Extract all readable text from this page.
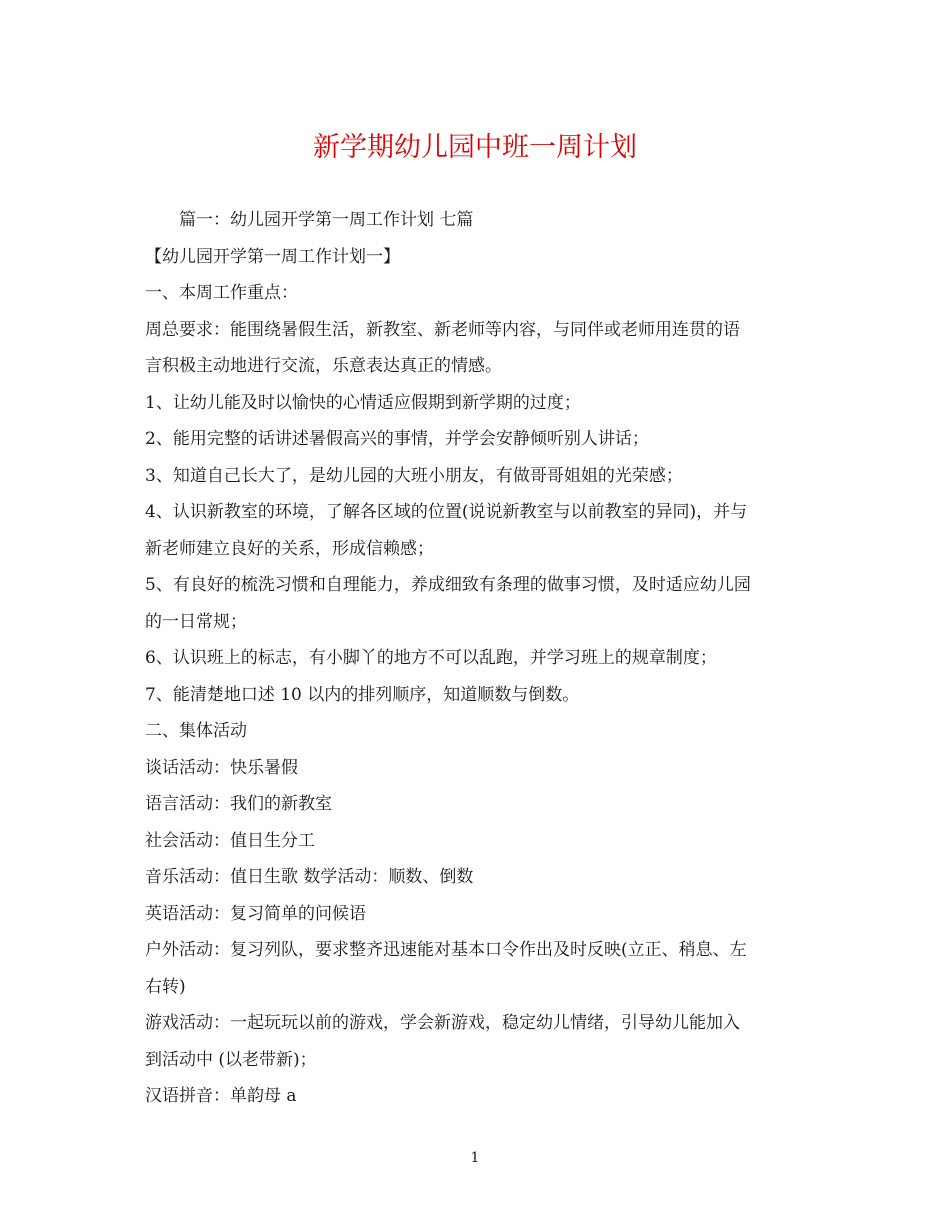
新学期幼儿园中班一周计划
篇一：幼儿园开学第一周工作计划 七篇
【幼儿园开学第一周工作计划一】
一、本周工作重点：
周总要求：能围绕暑假生活，新教室、新老师等内容，与同伴或老师用连贯的语
言积极主动地进行交流，乐意表达真正的情感。
1、让幼儿能及时以愉快的心情适应假期到新学期的过度；
2、能用完整的话讲述暑假高兴的事情，并学会安静倾听别人讲话；
3、知道自己长大了，是幼儿园的大班小朋友，有做哥哥姐姐的光荣感；
4、认识新教室的环境，了解各区域的位置(说说新教室与以前教室的异同)，并与
新老师建立良好的关系，形成信赖感；
5、有良好的梳洗习惯和自理能力，养成细致有条理的做事习惯，及时适应幼儿园
的一日常规；
6、认识班上的标志，有小脚丫的地方不可以乱跑，并学习班上的规章制度；
7、能清楚地口述 10 以内的排列顺序，知道顺数与倒数。
二、集体活动
谈话活动：快乐暑假
语言活动：我们的新教室
社会活动：值日生分工
音乐活动：值日生歌 数学活动：顺数、倒数
英语活动：复习简单的问候语
户外活动：复习列队，要求整齐迅速能对基本口令作出及时反映(立正、稍息、左
右转)
游戏活动：一起玩玩以前的游戏，学会新游戏，稳定幼儿情绪，引导幼儿能加入
到活动中 (以老带新)；
汉语拼音：单韵母 a
1
